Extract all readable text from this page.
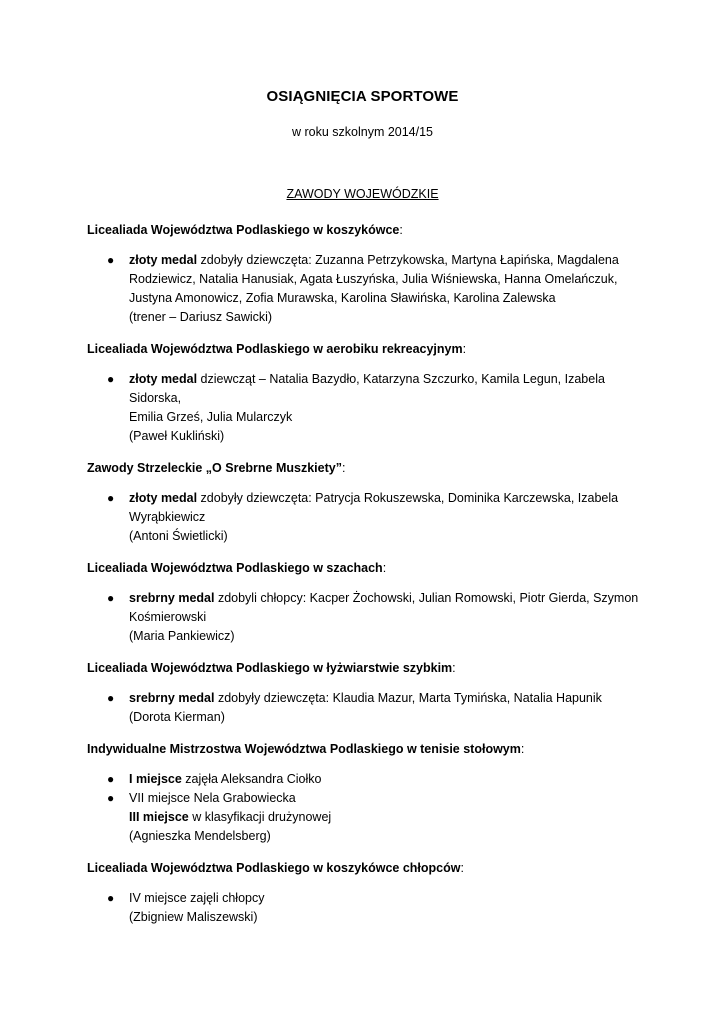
OSIĄGNIĘCIA SPORTOWE
w roku szkolnym 2014/15
ZAWODY WOJEWÓDZKIE
Licealiada Województwa Podlaskiego w koszykówce:
● złoty medal zdobyły dziewczęta: Zuzanna Petrzykowska, Martyna Łapińska, Magdalena
Rodziewicz, Natalia Hanusiak, Agata Łuszyńska, Julia Wiśniewska, Hanna Omelańczuk,
Justyna Amonowicz, Zofia Murawska, Karolina Sławińska, Karolina Zalewska
(trener – Dariusz Sawicki)
Licealiada Województwa Podlaskiego w aerobiku rekreacyjnym:
● złoty medal dziewcząt – Natalia Bazydło, Katarzyna Szczurko, Kamila Legun, Izabela Sidorska,
Emilia Grześ, Julia Mularczyk
(Paweł Kukliński)
Zawody Strzeleckie „O Srebrne Muszkiety”:
● złoty medal zdobyły dziewczęta: Patrycja Rokuszewska, Dominika Karczewska, Izabela
Wyrąbkiewicz
(Antoni Świetlicki)
Licealiada Województwa Podlaskiego w szachach:
● srebrny medal zdobyli chłopcy: Kacper Żochowski, Julian Romowski, Piotr Gierda, Szymon
Kośmierowski
(Maria Pankiewicz)
Licealiada Województwa Podlaskiego w łyżwiarstwie szybkim:
● srebrny medal zdobyły dziewczęta: Klaudia Mazur, Marta Tymińska, Natalia Hapunik
(Dorota Kierman)
Indywidualne Mistrzostwa Województwa Podlaskiego w tenisie stołowym:
● I miejsce zajęła Aleksandra Ciołko
● VII miejsce Nela Grabowiecka
III miejsce w klasyfikacji drużynowej
(Agnieszka Mendelsberg)
Licealiada Województwa Podlaskiego w koszykówce chłopców:
● IV miejsce zajęli chłopcy
(Zbigniew Maliszewski)
